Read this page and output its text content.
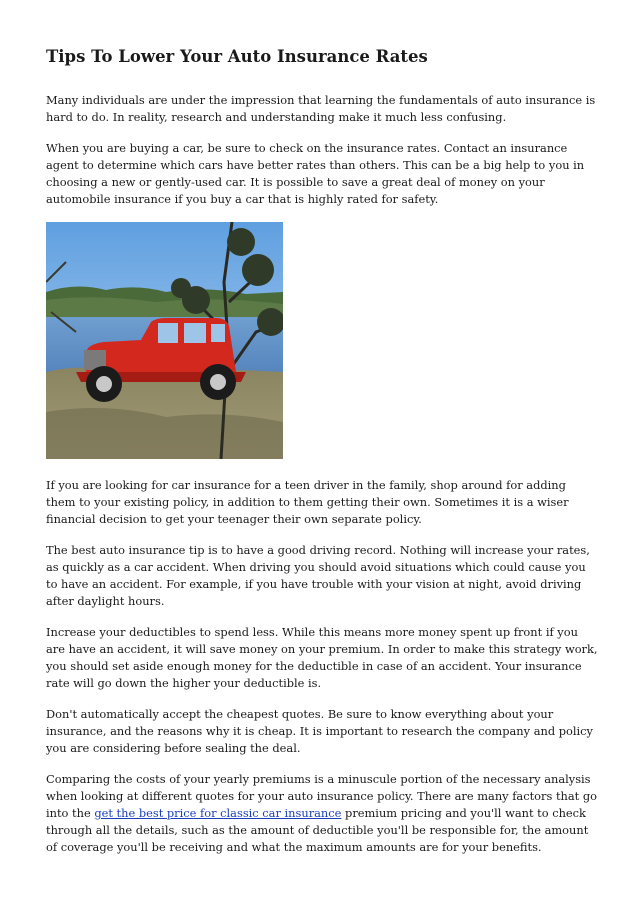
Tips To Lower Your Auto Insurance Rates

Many individuals are under the impression that learning the fundamentals of auto insurance is hard to do. In reality, research and understanding make it much less confusing.

When you are buying a car, be sure to check on the insurance rates. Contact an insurance agent to determine which cars have better rates than others. This can be a big help to you in choosing a new or gently-used car. It is possible to save a great deal of money on your automobile insurance if you buy a car that is highly rated for safety.

If you are looking for car insurance for a teen driver in the family, shop around for adding them to your existing policy, in addition to them getting their own. Sometimes it is a wiser financial decision to get your teenager their own separate policy.

The best auto insurance tip is to have a good driving record. Nothing will increase your rates, as quickly as a car accident. When driving you should avoid situations which could cause you to have an accident. For example, if you have trouble with your vision at night, avoid driving after daylight hours.

Increase your deductibles to spend less. While this means more money spent up front if you are have an accident, it will save money on your premium. In order to make this strategy work, you should set aside enough money for the deductible in case of an accident. Your insurance rate will go down the higher your deductible is.

Don't automatically accept the cheapest quotes. Be sure to know everything about your insurance, and the reasons why it is cheap. It is important to research the company and policy you are considering before sealing the deal.

Comparing the costs of your yearly premiums is a minuscule portion of the necessary analysis when looking at different quotes for your auto insurance policy. There are many factors that go into the get the best price for classic car insurance premium pricing and you'll want to check through all the details, such as the amount of deductible you'll be responsible for, the amount of coverage you'll be receiving and what the maximum amounts are for your benefits.
